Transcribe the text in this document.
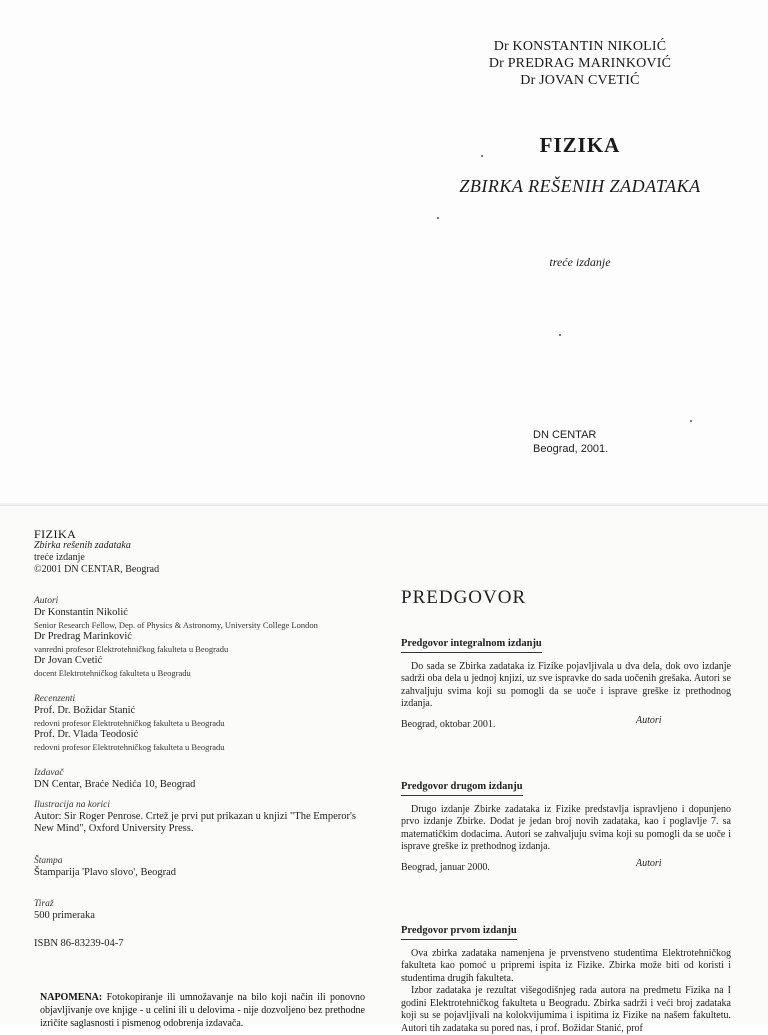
Dr KONSTANTIN NIKOLIĆ
Dr PREDRAG MARINKOVIĆ
Dr JOVAN CVETIĆ
FIZIKA
ZBIRKA REŠENIH ZADATAKA
treće izdanje
DN CENTAR
Beograd, 2001.
FIZIKA
Zbirka rešenih zadataka
treće izdanje
©2001 DN CENTAR, Beograd
Autori
Dr Konstantin Nikolić
Senior Research Fellow, Dep. of Physics & Astronomy, University College London
Dr Predrag Marinković
vanredni profesor Elektrotehničkog fakulteta u Beogradu
Dr Jovan Cvetić
docent Elektrotehničkog fakulteta u Beogradu
Recenzenti
Prof. Dr. Božidar Stanić
redovni profesor Elektrotehničkog fakulteta u Beogradu
Prof. Dr. Vlada Teodosić
redovni profesor Elektrotehničkog fakulteta u Beogradu
Izdavač
DN Centar, Braće Nedića 10, Beograd
Ilustracija na korici
Autor: Sir Roger Penrose. Crtež je prvi put prikazan u knjizi "The Emperor's New Mind", Oxford University Press.
Štampa
Štamparija 'Plavo slovo', Beograd
Tiraž
500 primeraka
ISBN 86-83239-04-7
NAPOMENA: Fotokopiranje ili umnožavanje na bilo koji način ili ponovno objavljivanje ove knjige - u celini ili u delovima - nije dozvoljeno bez prethodne izričite saglasnosti i pismenog odobrenja izdavača.
PREDGOVOR
Predgovor integralnom izdanju
Do sada se Zbirka zadataka iz Fizike pojavljivala u dva dela, dok ovo izdanje sadrži oba dela u jednoj knjizi, uz sve ispravke do sada uočenih grešaka. Autori se zahvaljuju svima koji su pomogli da se uoče i isprave greške iz prethodnog izdanja.
Beograd, oktobar 2001.	Autori
Predgovor drugom izdanju
Drugo izdanje Zbirke zadataka iz Fizike predstavlja ispravljeno i dopunjeno prvo izdanje Zbirke. Dodat je jedan broj novih zadataka, kao i poglavlje 7. sa matematičkim dodacima. Autori se zahvaljuju svima koji su pomogli da se uoče i isprave greške iz prethodnog izdanja.
Beograd, januar 2000.	Autori
Predgovor prvom izdanju

Ova zbirka zadataka namenjena je prvenstveno studentima Elektrotehničkog fakulteta kao pomoć u pripremi ispita iz Fizike. Zbirka može biti od koristi i studentima drugih fakulteta.

Izbor zadataka je rezultat višegodišnjeg rada autora na predmetu Fizika na I godini Elektrotehničkog fakulteta u Beogradu. Zbirka sadrži i veći broj zadataka koji su se pojavljivali na kolokvijumima i ispitima iz Fizike na našem fakultetu. Autori tih zadataka su pored nas, i prof. Božidar Stanić, prof
